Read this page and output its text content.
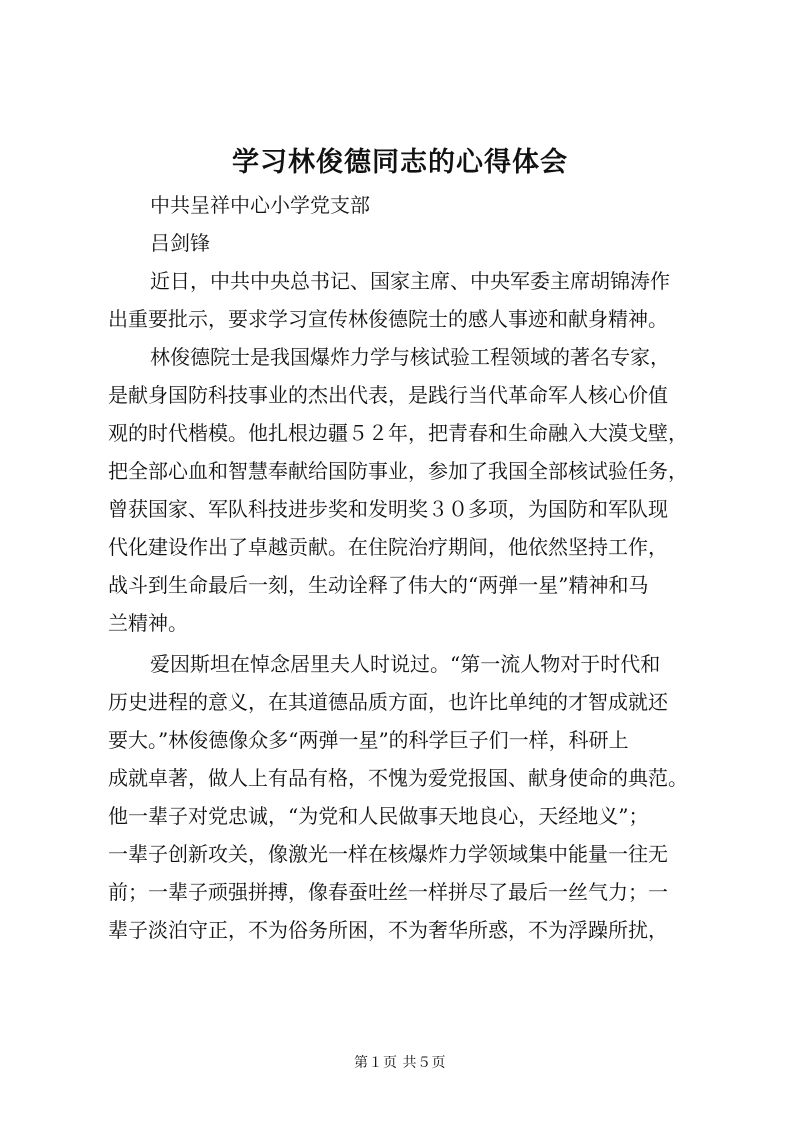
学习林俊德同志的心得体会
中共呈祥中心小学党支部
吕剑锋
近日，中共中央总书记、国家主席、中央军委主席胡锦涛作
出重要批示，要求学习宣传林俊德院士的感人事迹和献身精神。
林俊德院士是我国爆炸力学与核试验工程领域的著名专家，
是献身国防科技事业的杰出代表，是践行当代革命军人核心价值
观的时代楷模。他扎根边疆５２年，把青春和生命融入大漠戈壁，
把全部心血和智慧奉献给国防事业，参加了我国全部核试验任务，
曾获国家、军队科技进步奖和发明奖３０多项，为国防和军队现
代化建设作出了卓越贡献。在住院治疗期间，他依然坚持工作，
战斗到生命最后一刻，生动诠释了伟大的“两弹一星”精神和马
兰精神。
爱因斯坦在悼念居里夫人时说过。“第一流人物对于时代和
历史进程的意义，在其道德品质方面，也许比单纯的才智成就还
要大。”林俊德像众多“两弹一星”的科学巨子们一样，科研上
成就卓著，做人上有品有格，不愧为爱党报国、献身使命的典范。
他一辈子对党忠诚，“为党和人民做事天地良心，天经地义”；
一辈子创新攻关，像激光一样在核爆炸力学领域集中能量一往无
前；一辈子顽强拼搏，像春蚕吐丝一样拼尽了最后一丝气力；一
辈子淡泊守正，不为俗务所困，不为奢华所惑，不为浮躁所扰，
第１页 共５页
